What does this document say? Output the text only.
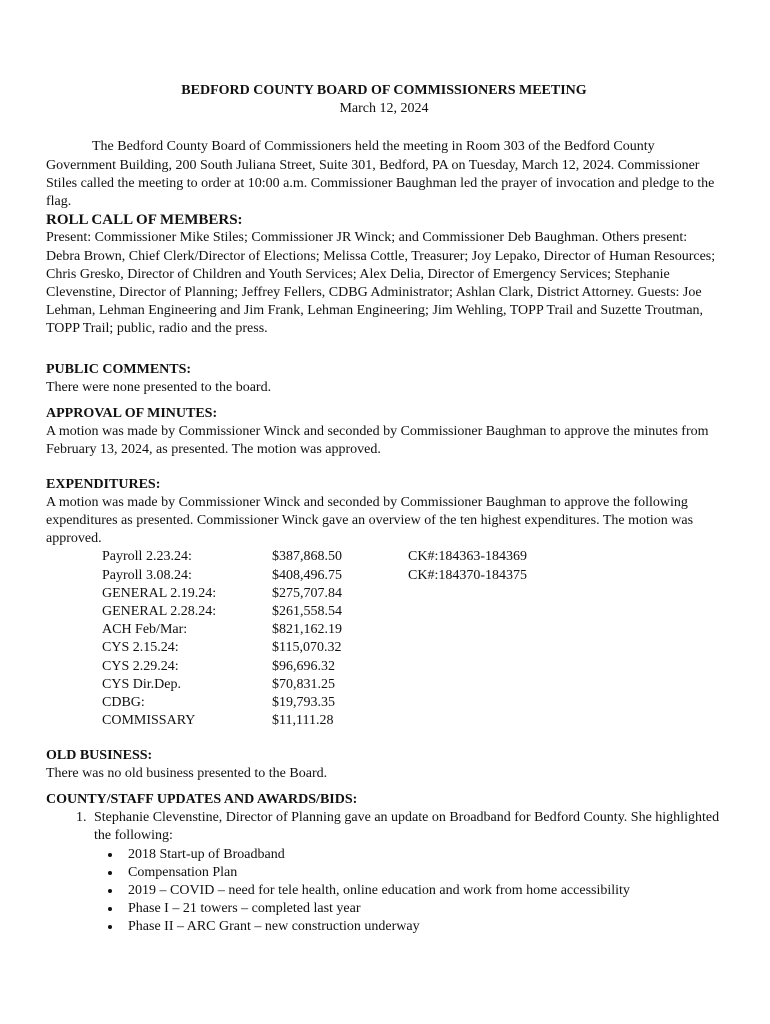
BEDFORD COUNTY BOARD OF COMMISSIONERS MEETING

March 12, 2024

The Bedford County Board of Commissioners held the meeting in Room 303 of the Bedford County Government Building, 200 South Juliana Street, Suite 301, Bedford, PA on Tuesday, March 12, 2024. Commissioner Stiles called the meeting to order at 10:00 a.m. Commissioner Baughman led the prayer of invocation and pledge to the flag.

ROLL CALL OF MEMBERS:

Present: Commissioner Mike Stiles; Commissioner JR Winck; and Commissioner Deb Baughman. Others present: Debra Brown, Chief Clerk/Director of Elections; Melissa Cottle, Treasurer; Joy Lepako, Director of Human Resources; Chris Gresko, Director of Children and Youth Services; Alex Delia, Director of Emergency Services; Stephanie Clevenstine, Director of Planning; Jeffrey Fellers, CDBG Administrator; Ashlan Clark, District Attorney. Guests: Joe Lehman, Lehman Engineering and Jim Frank, Lehman Engineering; Jim Wehling, TOPP Trail and Suzette Troutman, TOPP Trail; public, radio and the press.

PUBLIC COMMENTS:

There were none presented to the board.

APPROVAL OF MINUTES:

A motion was made by Commissioner Winck and seconded by Commissioner Baughman to approve the minutes from February 13, 2024, as presented. The motion was approved.

EXPENDITURES:

A motion was made by Commissioner Winck and seconded by Commissioner Baughman to approve the following expenditures as presented. Commissioner Winck gave an overview of the ten highest expenditures. The motion was approved.

Payroll 2.23.24:	$387,868.50	CK#:184363-184369
Payroll 3.08.24:	$408,496.75	CK#:184370-184375
GENERAL 2.19.24:	$275,707.84	
GENERAL 2.28.24:	$261,558.54	
ACH Feb/Mar:	$821,162.19	
CYS 2.15.24:	$115,070.32	
CYS 2.29.24:	$96,696.32	
CYS Dir.Dep.	$70,831.25	
CDBG:	$19,793.35	
COMMISSARY	$11,111.28	

OLD BUSINESS:

There was no old business presented to the Board.

COUNTY/STAFF UPDATES AND AWARDS/BIDS:

1. Stephanie Clevenstine, Director of Planning gave an update on Broadband for Bedford County. She highlighted the following:
• 2018 Start-up of Broadband
• Compensation Plan
• 2019 – COVID – need for tele health, online education and work from home accessibility
• Phase I – 21 towers – completed last year
• Phase II – ARC Grant – new construction underway
